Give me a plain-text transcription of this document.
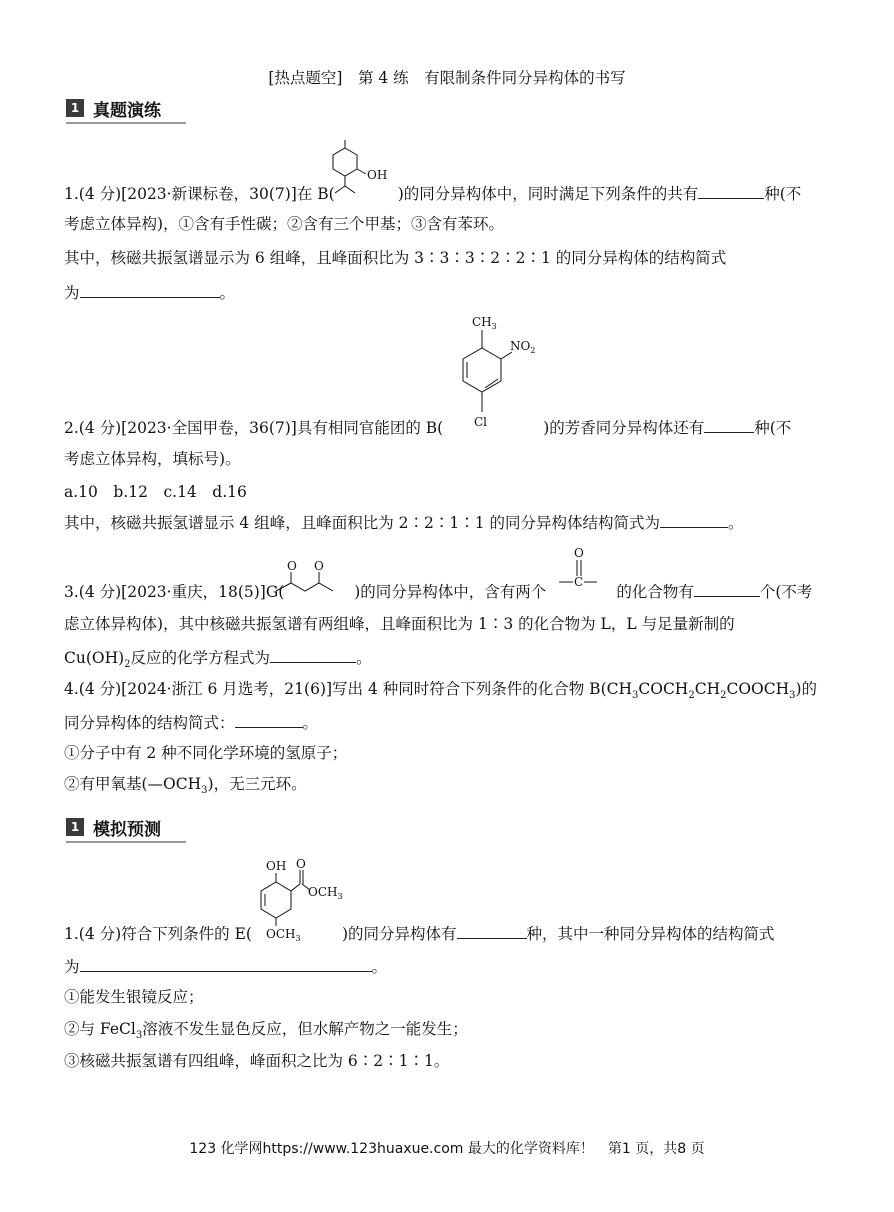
[热点题空]　第 4 练　有限制条件同分异构体的书写
1 真题演练
OH
1.(4 分)[2023·新课标卷，30(7)]在 B(	)的同分异构体中，同时满足下列条件的共有	种(不
考虑立体异构)，①含有手性碳；②含有三个甲基；③含有苯环。
其中，核磁共振氢谱显示为 6 组峰，且峰面积比为 3∶3∶3∶2∶2∶1 的同分异构体的结构简式
为	。
$CH_3$
$NO_2$
Cl
2.(4 分)[2023·全国甲卷，36(7)]具有相同官能团的 B(	)的芳香同分异构体还有	种(不
考虑立体异构，填标号)。
a.10　b.12　c.14　d.16
其中，核磁共振氢谱显示 4 组峰，且峰面积比为 2∶2∶1∶1 的同分异构体结构简式为	。
O O
O
C
3.(4 分)[2023·重庆，18(5)]G(	)的同分异构体中，含有两个	的化合物有	个(不考
虑立体异构体)，其中核磁共振氢谱有两组峰，且峰面积比为 1∶3 的化合物为 L，L 与足量新制的
$Cu(OH)_2$反应的化学方程式为	。
4.(4 分)[2024·浙江 6 月选考，21(6)]写出 4 种同时符合下列条件的化合物 $B(CH_3COCH_2CH_2COOCH_3)$的
同分异构体的结构简式：	。
①分子中有 2 种不同化学环境的氢原子；
②有甲氧基$(—OCH_3)$，无三元环。
1 模拟预测
OH O
$OCH_3$
$OCH_3$
1.(4 分)符合下列条件的 E(	)的同分异构体有	种，其中一种同分异构体的结构简式
为	。
①能发生银镜反应；
②与 FeCl$_3$溶液不发生显色反应，但水解产物之一能发生；
③核磁共振氢谱有四组峰，峰面积之比为 6∶2∶1∶1。
123 化学网https://www.123huaxue.com 最大的化学资料库！　第1 页，共8 页
